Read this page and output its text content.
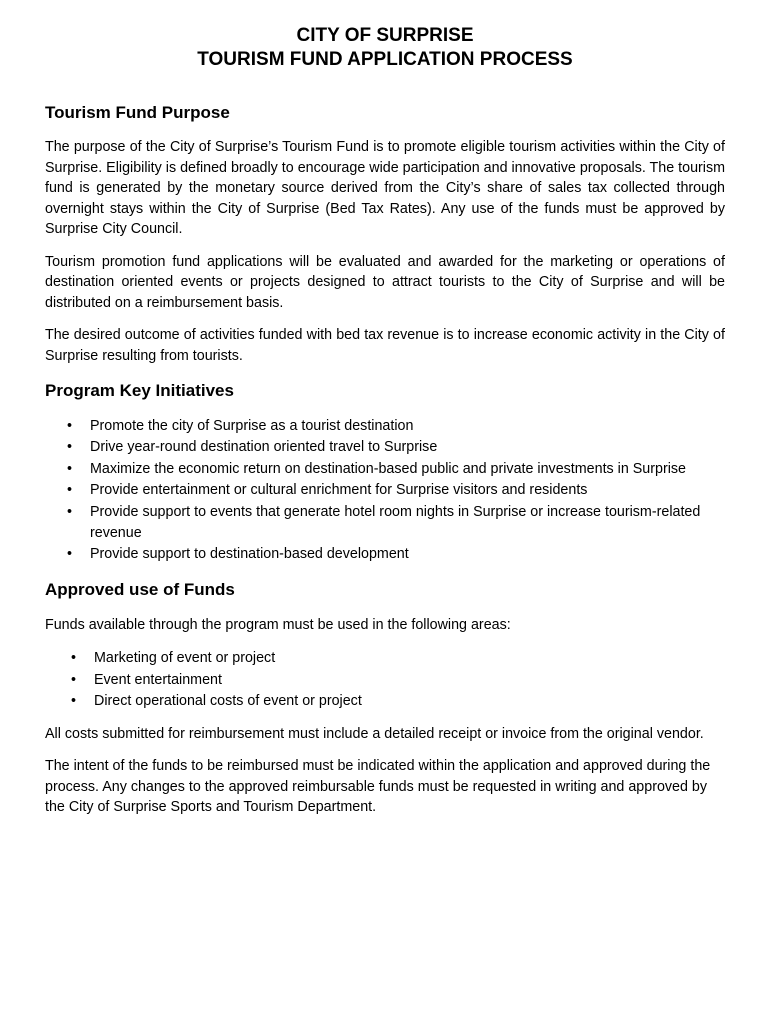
CITY OF SURPRISE
TOURISM FUND APPLICATION PROCESS
Tourism Fund Purpose

The purpose of the City of Surprise’s Tourism Fund is to promote eligible tourism activities within the City of Surprise. Eligibility is defined broadly to encourage wide participation and innovative proposals. The tourism fund is generated by the monetary source derived from the City’s share of sales tax collected through overnight stays within the City of Surprise (Bed Tax Rates). Any use of the funds must be approved by Surprise City Council.

Tourism promotion fund applications will be evaluated and awarded for the marketing or operations of destination oriented events or projects designed to attract tourists to the City of Surprise and will be distributed on a reimbursement basis.

The desired outcome of activities funded with bed tax revenue is to increase economic activity in the City of Surprise resulting from tourists.

Program Key Initiatives
• Promote the city of Surprise as a tourist destination
• Drive year-round destination oriented travel to Surprise
• Maximize the economic return on destination-based public and private investments in Surprise
• Provide entertainment or cultural enrichment for Surprise visitors and residents
• Provide support to events that generate hotel room nights in Surprise or increase tourism-related revenue
• Provide support to destination-based development
Approved use of Funds

Funds available through the program must be used in the following areas:

• Marketing of event or project
• Event entertainment
• Direct operational costs of event or project

All costs submitted for reimbursement must include a detailed receipt or invoice from the original vendor.

The intent of the funds to be reimbursed must be indicated within the application and approved during the process. Any changes to the approved reimbursable funds must be requested in writing and approved by the City of Surprise Sports and Tourism Department.
